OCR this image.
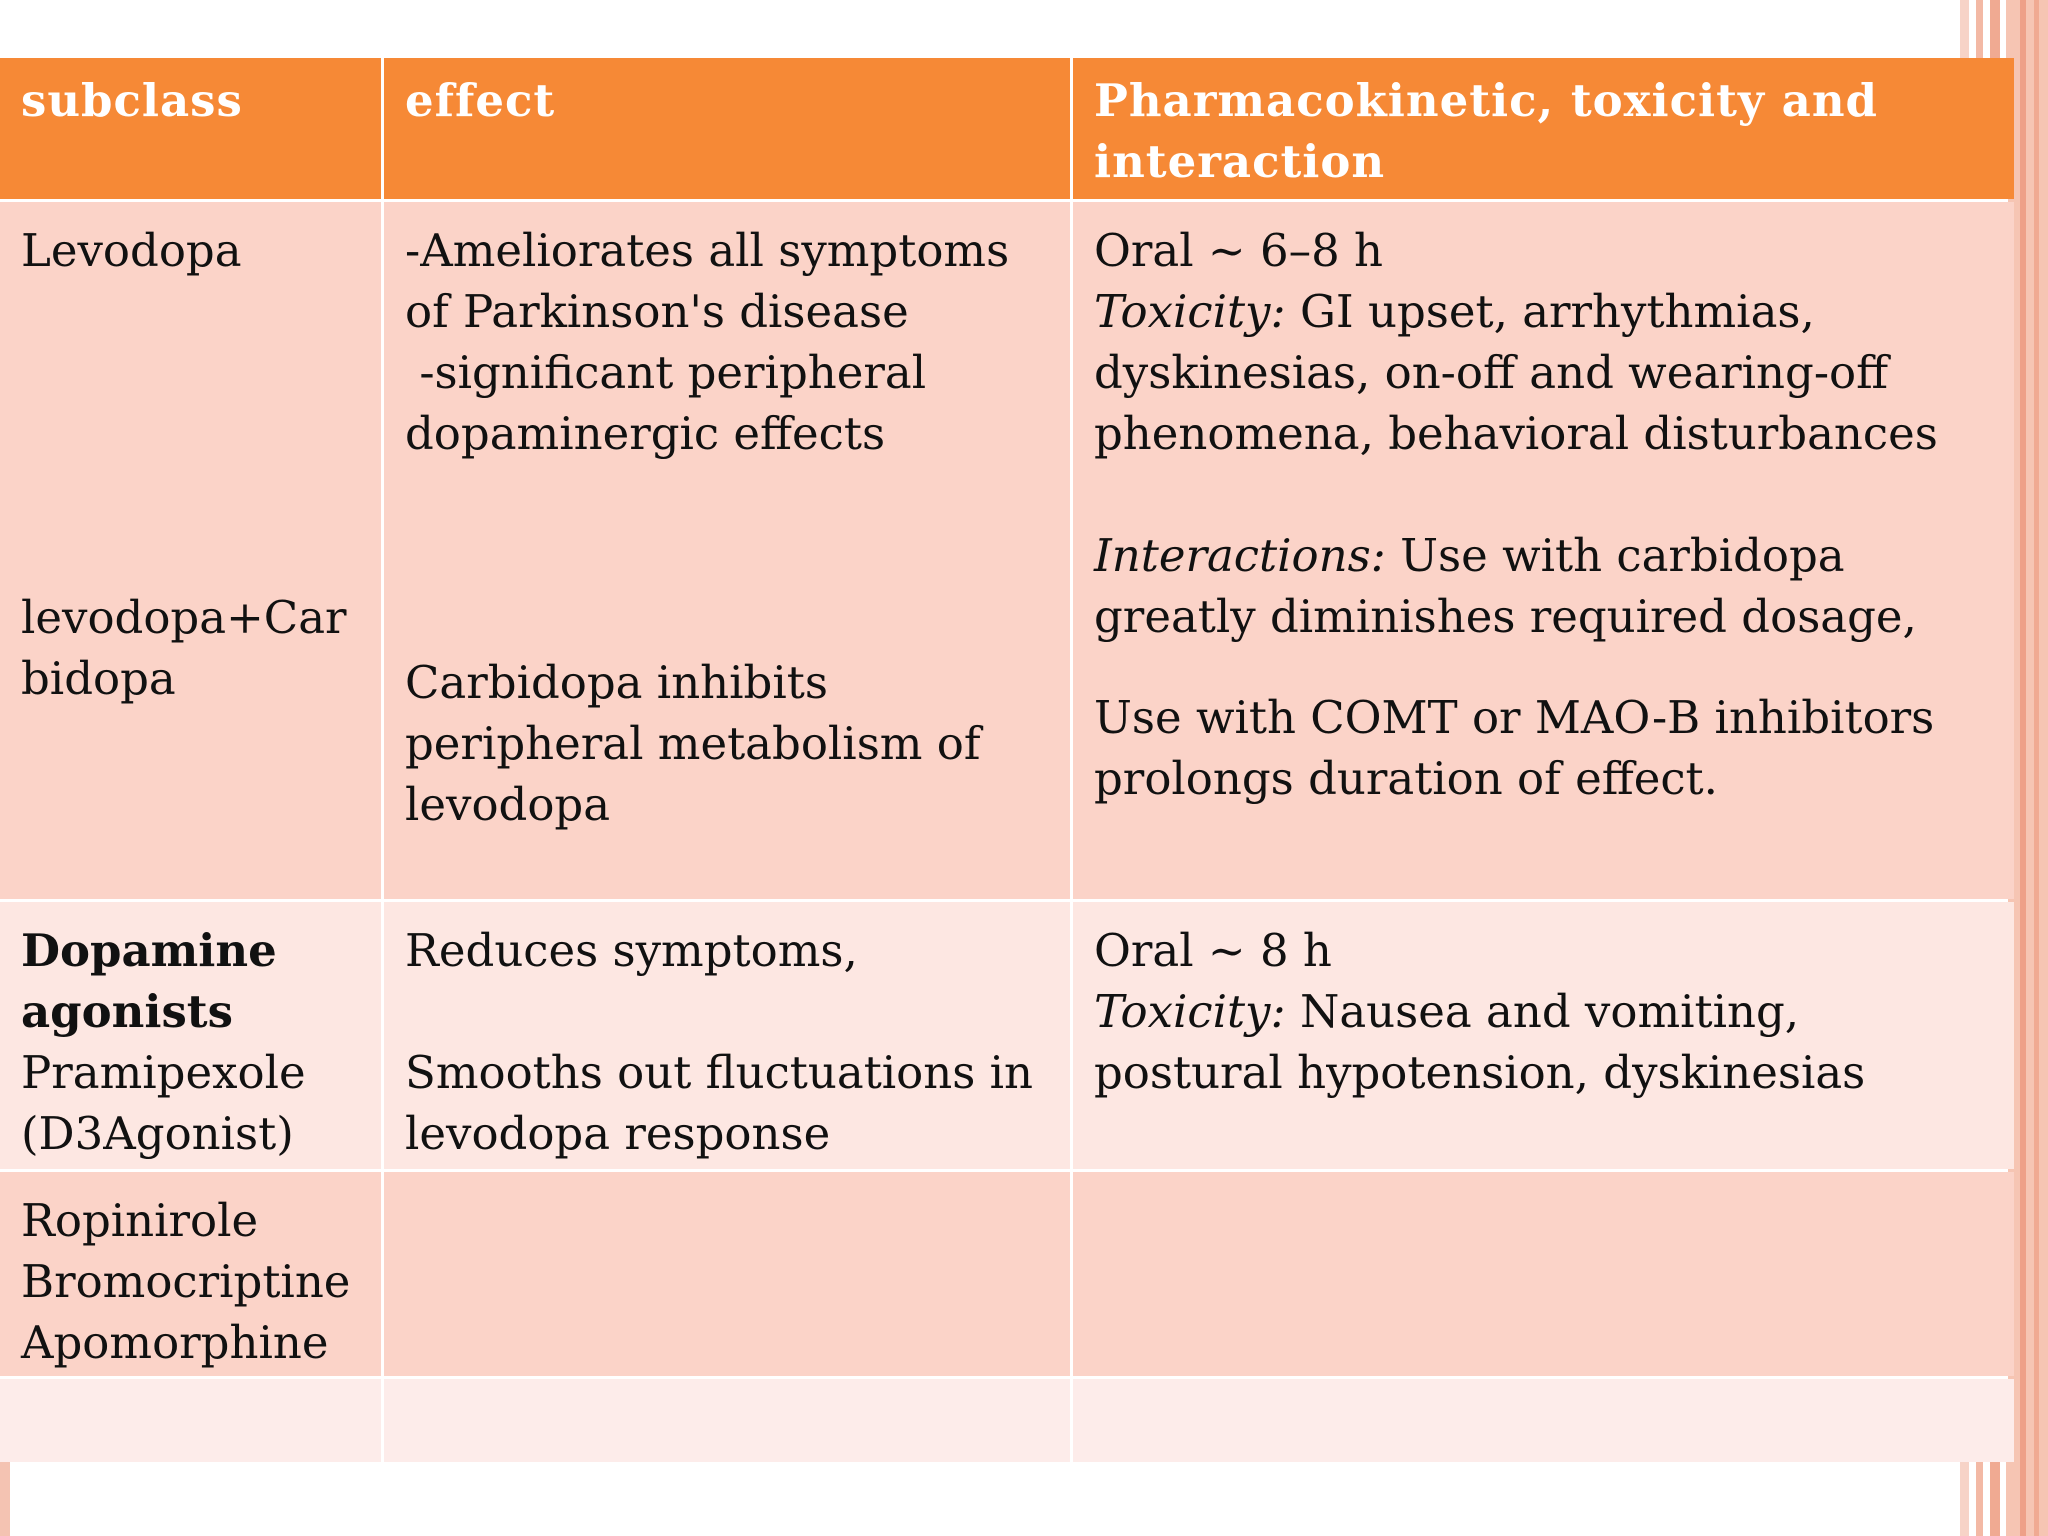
subclass	effect	Pharmacokinetic, toxicity and interaction
Levodopa
levodopa+Carbidopa
-Ameliorates all symptoms of Parkinson's disease
-significant peripheral dopaminergic effects
Carbidopa inhibits peripheral metabolism of levodopa
Oral ~ 6–8 h
Toxicity: GI upset, arrhythmias, dyskinesias, on-off and wearing-off phenomena, behavioral disturbances
Interactions: Use with carbidopa greatly diminishes required dosage,
Use with COMT or MAO-B inhibitors prolongs duration of effect.
Dopamine agonists
Pramipexole (D3Agonist)
Reduces symptoms,
Smooths out fluctuations in levodopa response
Oral ~ 8 h
Toxicity: Nausea and vomiting, postural hypotension, dyskinesias
Ropinirole
Bromocriptine
Apomorphine
